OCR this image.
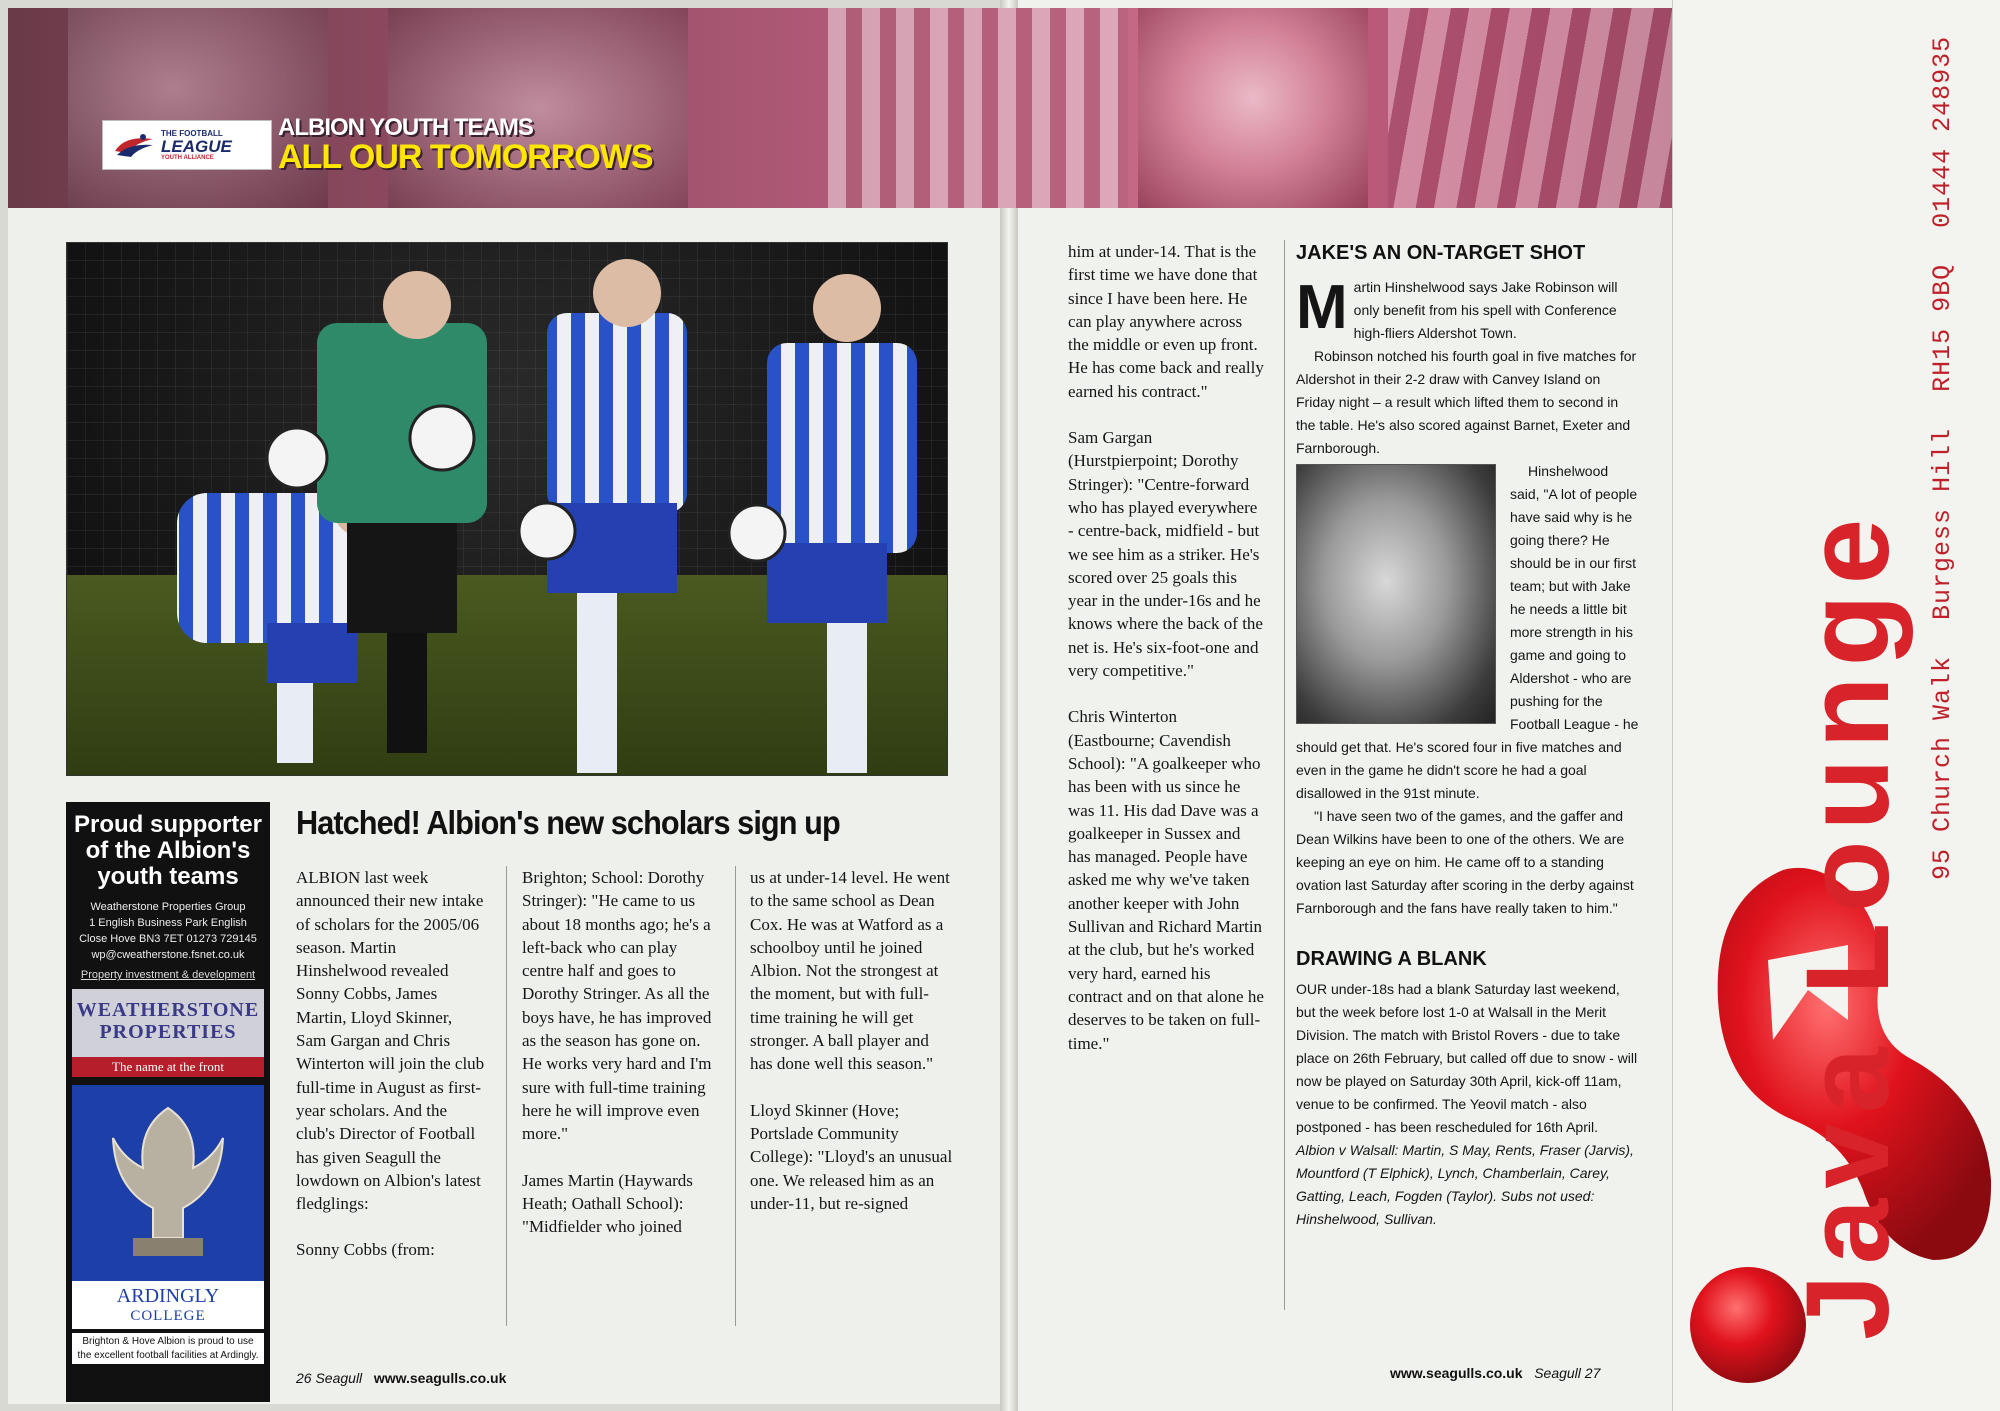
THE FOOTBALL
LEAGUE
YOUTH ALLIANCE
ALBION YOUTH TEAMS
ALL OUR TOMORROWS
Proud supporter of the Albion's youth teams
Weatherstone Properties Group
1 English Business Park English
Close Hove BN3 7ET 01273 729145
wp@cweatherstone.fsnet.co.uk
Property investment & development
WEATHERSTONE
PROPERTIES
The name at the front
ARDINGLY
COLLEGE
Brighton & Hove Albion is proud to use the excellent football facilities at Ardingly.
Hatched! Albion's new scholars sign up

ALBION last week announced their new intake of scholars for the 2005/06 season. Martin Hinshelwood revealed Sonny Cobbs, James Martin, Lloyd Skinner, Sam Gargan and Chris Winterton will join the club full-time in August as first-year scholars. And the club's Director of Football has given Seagull the lowdown on Albion's latest fledglings:

Sonny Cobbs (from:

Brighton; School: Dorothy Stringer): "He came to us about 18 months ago; he's a left-back who can play centre half and goes to Dorothy Stringer. As all the boys have, he has improved as the season has gone on. He works very hard and I'm sure with full-time training here he will improve even more."

James Martin (Haywards Heath; Oathall School): "Midfielder who joined

us at under-14 level. He went to the same school as Dean Cox. He was at Watford as a schoolboy until he joined Albion. Not the strongest at the moment, but with full-time training he will get stronger. A ball player and has done well this season."

Lloyd Skinner (Hove; Portslade Community College): "Lloyd's an unusual one. We released him as an under-11, but re-signed

him at under-14. That is the first time we have done that since I have been here. He can play anywhere across the middle or even up front. He has come back and really earned his contract."

Sam Gargan (Hurstpierpoint; Dorothy Stringer): "Centre-forward who has played everywhere - centre-back, midfield - but we see him as a striker. He's scored over 25 goals this year in the under-16s and he knows where the back of the net is. He's six-foot-one and very competitive."

Chris Winterton (Eastbourne; Cavendish School): "A goalkeeper who has been with us since he was 11. His dad Dave was a goalkeeper in Sussex and has managed. People have asked me why we've taken another keeper with John Sullivan and Richard Martin at the club, but he's worked very hard, earned his contract and on that alone he deserves to be taken on full-time."

26 Seagull www.seagulls.co.uk	www.seagulls.co.uk Seagull 27
JAKE'S AN ON-TARGET SHOT

Martin Hinshelwood says Jake Robinson will only benefit from his spell with Conference high-fliers Aldershot Town.

Robinson notched his fourth goal in five matches for Aldershot in their 2-2 draw with Canvey Island on Friday night – a result which lifted them to second in the table. He's also scored against Barnet, Exeter and Farnborough.

Hinshelwood said, "A lot of people have said why is he going there? He should be in our first team; but with Jake he needs a little bit more strength in his game and going to Aldershot - who are pushing for the Football League - he should get that. He's scored four in five matches and even in the game he didn't score he had a goal disallowed in the 91st minute.

"I have seen two of the games, and the gaffer and Dean Wilkins have been to one of the others. We are keeping an eye on him. He came off to a standing ovation last Saturday after scoring in the derby against Farnborough and the fans have really taken to him."

DRAWING A BLANK

OUR under-18s had a blank Saturday last weekend, but the week before lost 1-0 at Walsall in the Merit Division. The match with Bristol Rovers - due to take place on 26th February, but called off due to snow - will now be played on Saturday 30th April, kick-off 11am, venue to be confirmed. The Yeovil match - also postponed - has been rescheduled for 16th April.

Albion v Walsall: Martin, S May, Rents, Fraser (Jarvis), Mountford (T Elphick), Lynch, Chamberlain, Carey, Gatting, Leach, Fogden (Taylor). Subs not used: Hinshelwood, Sullivan.	Java Lounge 95 Church WalkBurgess HillRH15 9BQ01444 248935
